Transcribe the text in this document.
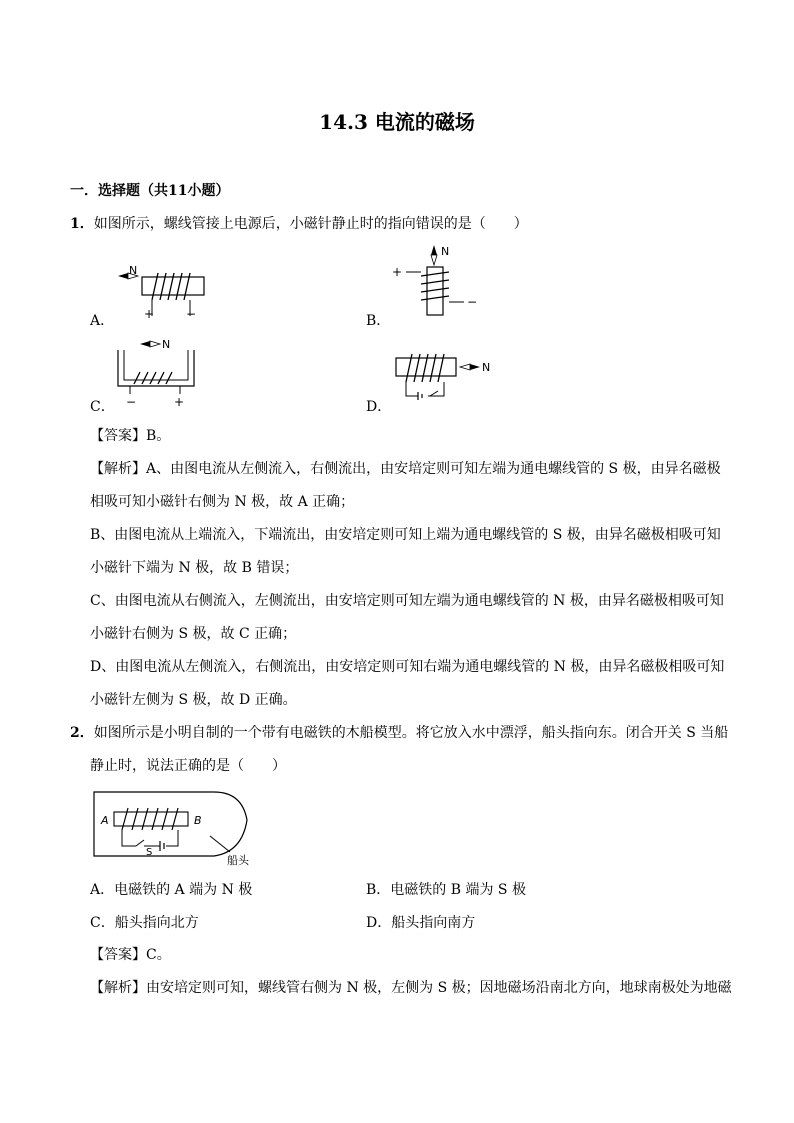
14.3 电流的磁场
一．选择题（共11小题）
1．如图所示，螺线管接上电源后，小磁针静止时的指向错误的是（　　）
N
+	−
A．
N
+
−
B．
N
−	+
C．
N
D．
【答案】B。
【解析】A、由图电流从左侧流入，右侧流出，由安培定则可知左端为通电螺线管的 S 极，由异名磁极
相吸可知小磁针右侧为 N 极，故 A 正确；
B、由图电流从上端流入，下端流出，由安培定则可知上端为通电螺线管的 S 极，由异名磁极相吸可知
小磁针下端为 N 极，故 B 错误；
C、由图电流从右侧流入，左侧流出，由安培定则可知左端为通电螺线管的 N 极，由异名磁极相吸可知
小磁针右侧为 S 极，故 C 正确；
D、由图电流从左侧流入，右侧流出，由安培定则可知右端为通电螺线管的 N 极，由异名磁极相吸可知
小磁针左侧为 S 极，故 D 正确。
2．如图所示是小明自制的一个带有电磁铁的木船模型。将它放入水中漂浮，船头指向东。闭合开关 S 当船
静止时，说法正确的是（　　）
A	B
S
船头
A．电磁铁的 A 端为 N 极	B．电磁铁的 B 端为 S 极
C．船头指向北方	D．船头指向南方
【答案】C。
【解析】由安培定则可知，螺线管右侧为 N 极，左侧为 S 极；因地磁场沿南北方向，地球南极处为地磁
